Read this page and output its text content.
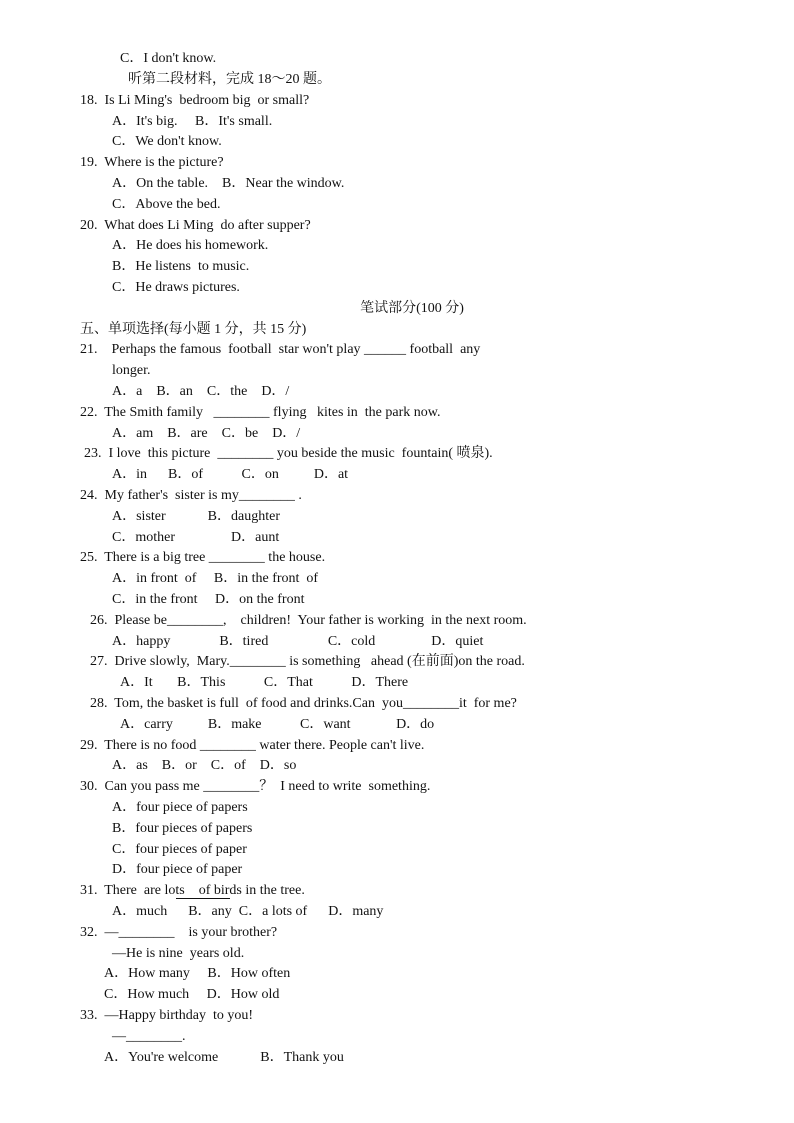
C．I don't know.
听第二段材料，完成 18～20 题。
18.  Is Li Ming's  bedroom big  or small?
A．It's big.     B．It's small.
C．We don't know.
19.  Where is the picture?
A．On the table.    B．Near the window.
C．Above the bed.
20.  What does Li Ming  do after supper?
A．He does his homework.
B．He listens  to music.
C．He draws pictures.
笔试部分(100 分)
五、单项选择(每小题 1 分，共 15 分)
21.    Perhaps the famous  football  star won't play ______ football  any
longer.
A．a    B．an    C．the    D．/
22.  The Smith family   ________ flying   kites in  the park now.
A．am    B．are    C．be    D．/
23.  I love  this picture  ________ you beside the music  fountain( 喷泉).
A．in      B．of           C．on          D．at
24.  My father's  sister is my________ .
A．sister            B．daughter
C．mother                D．aunt
25.  There is a big tree ________ the house.
A．in front  of     B．in the front  of
C．in the front     D．on the front
26.  Please be________,    children!  Your father is working  in the next room.
A．happy              B．tired                 C．cold                D．quiet
27.  Drive slowly,  Mary.________ is something   ahead (在前面)on the road.
A．It       B．This           C．That           D．There
28.  Tom, the basket is full  of food and drinks.Can  you________it  for me?
A．carry          B．make           C．want             D．do
29.  There is no food ________ water there. People can't live.
A．as    B．or    C．of    D．so
30.  Can you pass me ________？  I need to write  something.
A．four piece of papers
B．four pieces of papers
C．four pieces of paper
D．four piece of paper
31.  There  are lots    of birds in the tree.
A．much      B．any  C．a lots of      D．many
32.  —________    is your brother?
—He is nine  years old.
A．How many     B．How often
C．How much     D．How old
33.  —Happy birthday  to you!
—________.
A．You're welcome            B．Thank you
